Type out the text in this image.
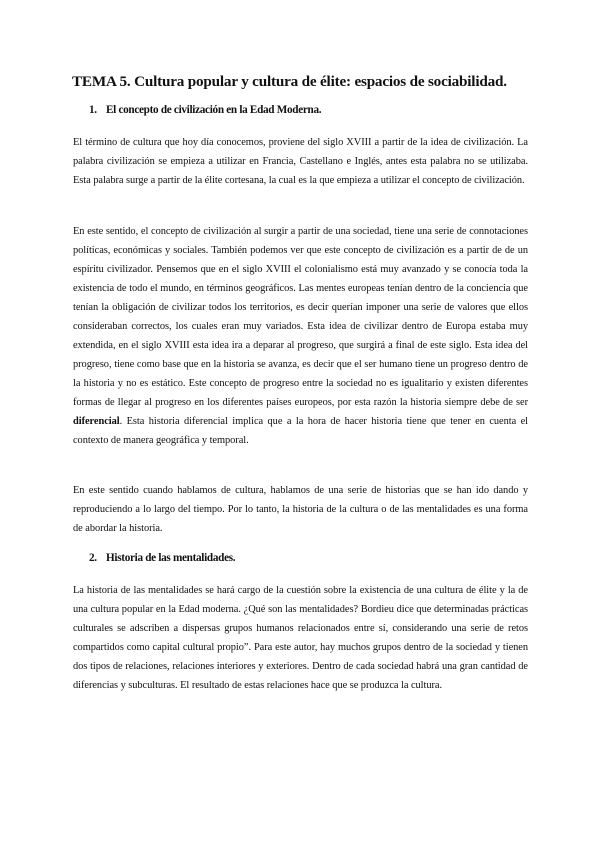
TEMA 5. Cultura popular y cultura de élite: espacios de sociabilidad.
1. El concepto de civilización en la Edad Moderna.

El término de cultura que hoy día conocemos, proviene del siglo XVIII a partir de la idea de civilización. La palabra civilización se empieza a utilizar en Francia, Castellano e Inglés, antes esta palabra no se utilizaba. Esta palabra surge a partir de la élite cortesana, la cual es la que empieza a utilizar el concepto de civilización.

En este sentido, el concepto de civilización al surgir a partir de una sociedad, tiene una serie de connotaciones políticas, económicas y sociales. También podemos ver que este concepto de civilización es a partir de de un espíritu civilizador. Pensemos que en el siglo XVIII el colonialismo está muy avanzado y se conocía toda la existencia de todo el mundo, en términos geográficos. Las mentes europeas tenían dentro de la conciencia que tenían la obligación de civilizar todos los territorios, es decir querían imponer una serie de valores que ellos consideraban correctos, los cuales eran muy variados. Esta idea de civilizar dentro de Europa estaba muy extendida, en el siglo XVIII esta idea ira a deparar al progreso, que surgirá a final de este siglo. Esta idea del progreso, tiene como base que en la historia se avanza, es decir que el ser humano tiene un progreso dentro de la historia y no es estático. Este concepto de progreso entre la sociedad no es igualitario y existen diferentes formas de llegar al progreso en los diferentes países europeos, por esta razón la historia siempre debe de ser diferencial. Esta historia diferencial implica que a la hora de hacer historia tiene que tener en cuenta el contexto de manera geográfica y temporal.

En este sentido cuando hablamos de cultura, hablamos de una serie de historias que se han ido dando y reproduciendo a lo largo del tiempo. Por lo tanto, la historia de la cultura o de las mentalidades es una forma de abordar la historia.

2. Historia de las mentalidades.

La historia de las mentalidades se hará cargo de la cuestión sobre la existencia de una cultura de élite y la de una cultura popular en la Edad moderna. ¿Qué son las mentalidades? Bordieu dice que determinadas prácticas culturales se adscriben a dispersas grupos humanos relacionados entre sí, considerando una serie de retos compartidos como capital cultural propio”. Para este autor, hay muchos grupos dentro de la sociedad y tienen dos tipos de relaciones, relaciones interiores y exteriores. Dentro de cada sociedad habrá una gran cantidad de diferencias y subculturas. El resultado de estas relaciones hace que se produzca la cultura.
